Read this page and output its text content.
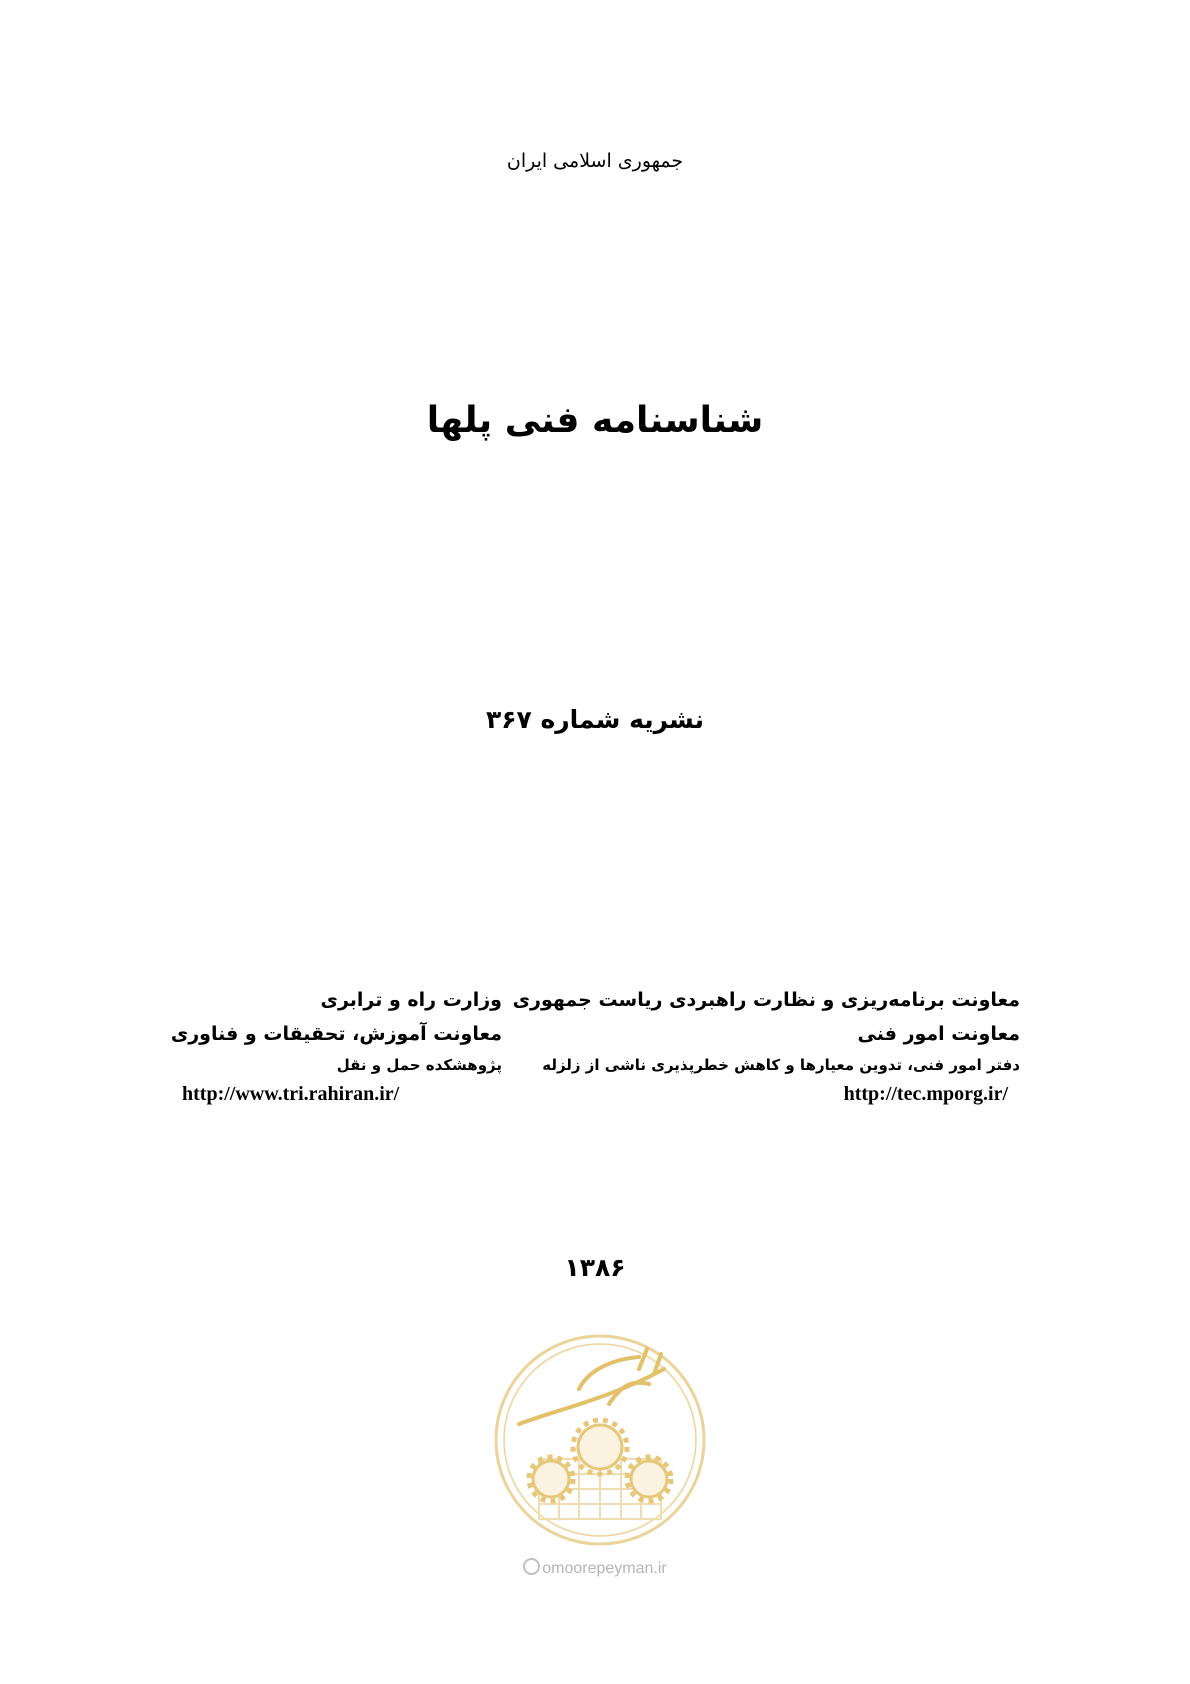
جمهوری اسلامی ایران
شناسنامه فنی پلها
نشریه شماره ۳۶۷
معاونت برنامه‌ریزی و نظارت راهبردی ریاست جمهوری
معاونت امور فنی
دفتر امور فنی، تدوین معیارها و کاهش خطرپذیری ناشی از زلزله
http://tec.mporg.ir/
وزارت راه و ترابری
معاونت آموزش، تحقیقات و فناوری
پژوهشکده حمل و نقل
http://www.tri.rahiran.ir/
۱۳۸۶
omoorepeyman.ir
